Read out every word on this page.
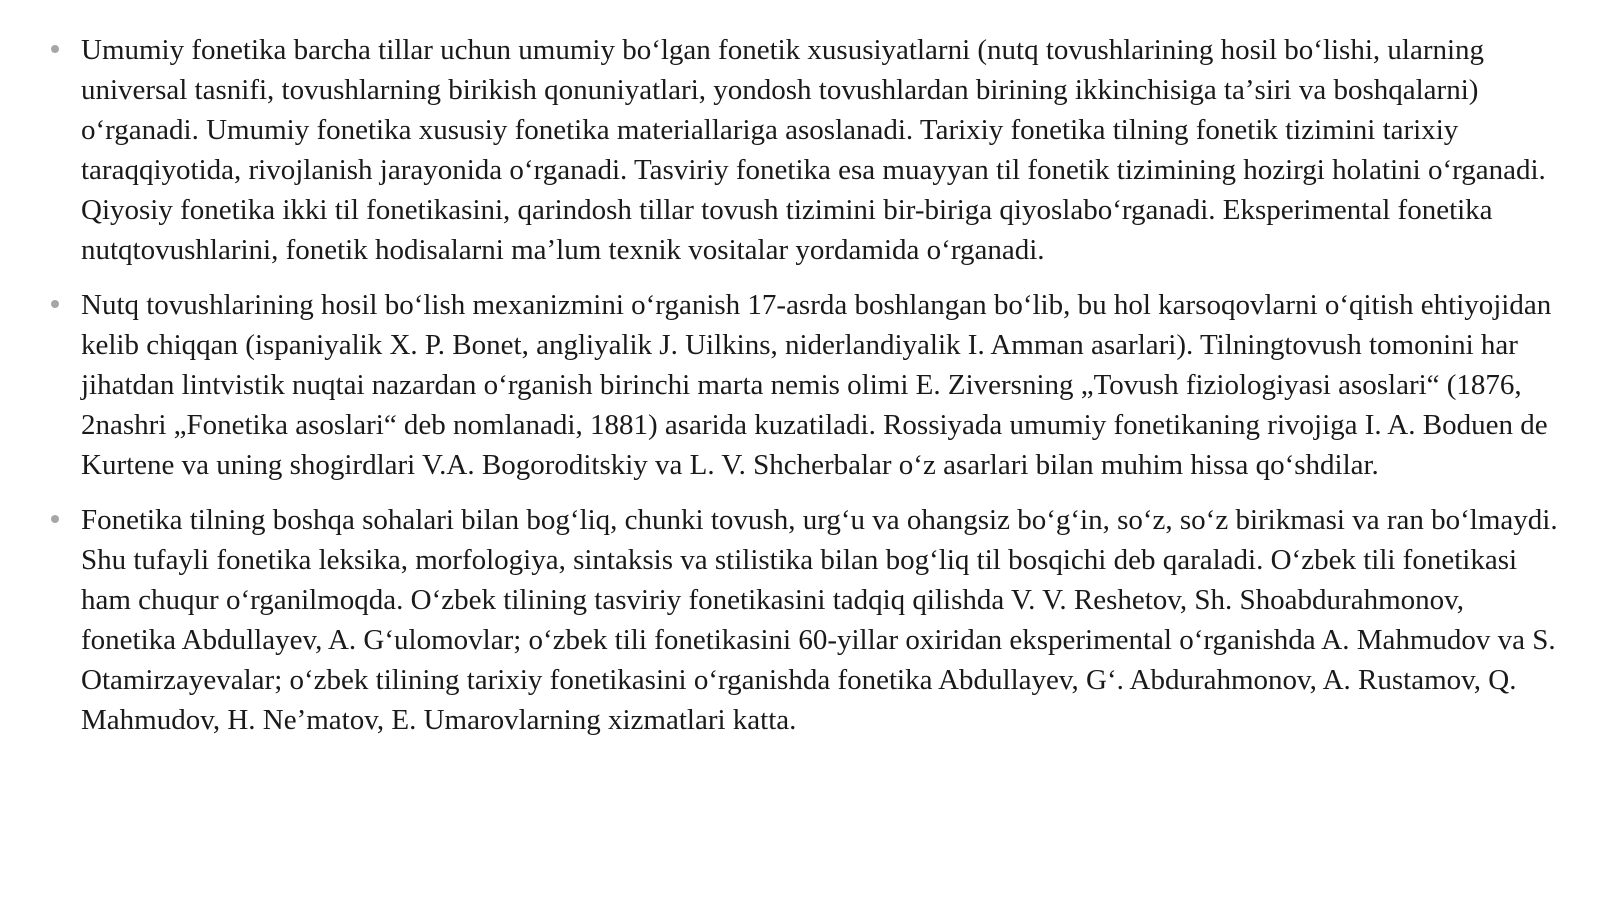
Umumiy fonetika barcha tillar uchun umumiy boʻlgan fonetik xususiyatlarni (nutq tovushlarining hosil boʻlishi, ularning universal tasnifi, tovushlarning birikish qonuniyatlari, yondosh tovushlardan birining ikkinchisiga taʼsiri va boshqalarni) oʻrganadi. Umumiy fonetika xususiy fonetika materiallariga asoslanadi. Tarixiy fonetika tilning fonetik tizimini tarixiy taraqqiyotida, rivojlanish jarayonida oʻrganadi. Tasviriy fonetika esa muayyan til fonetik tizimining hozirgi holatini oʻrganadi. Qiyosiy fonetika ikki til fonetikasini, qarindosh tillar tovush tizimini bir-biriga qiyoslaboʻrganadi. Eksperimental fonetika nutqtovushlarini, fonetik hodisalarni maʼlum texnik vositalar yordamida oʻrganadi.
Nutq tovushlarining hosil boʻlish mexanizmini oʻrganish 17-asrda boshlangan boʻlib, bu hol karsoqovlarni oʻqitish ehtiyojidan kelib chiqqan (ispaniyalik X. P. Bonet, angliyalik J. Uilkins, niderlandiyalik I. Amman asarlari). Tilningtovush tomonini har jihatdan lintvistik nuqtai nazardan oʻrganish birinchi marta nemis olimi E. Ziversning „Tovush fiziologiyasi asoslari“ (1876, 2nashri „Fonetika asoslari“ deb nomlanadi, 1881) asarida kuzatiladi. Rossiyada umumiy fonetikaning rivojiga I. A. Boduen de Kurtene va uning shogirdlari V.A. Bogoroditskiy va L. V. Shcherbalar oʻz asarlari bilan muhim hissa qoʻshdilar.
Fonetika tilning boshqa sohalari bilan bogʻliq, chunki tovush, urgʻu va ohangsiz boʻgʻin, soʻz, soʻz birikmasi va ran boʻlmaydi. Shu tufayli fonetika leksika, morfologiya, sintaksis va stilistika bilan bogʻliq til bosqichi deb qaraladi. Oʻzbek tili fonetikasi ham chuqur oʻrganilmoqda. Oʻzbek tilining tasviriy fonetikasini tadqiq qilishda V. V. Reshetov, Sh. Shoabdurahmonov, fonetika Abdullayev, A. Gʻulomovlar; oʻzbek tili fonetikasini 60-yillar oxiridan eksperimental oʻrganishda A. Mahmudov va S. Otamirzayevalar; oʻzbek tilining tarixiy fonetikasini oʻrganishda fonetika Abdullayev, Gʻ. Abdurahmonov, A. Rustamov, Q. Mahmudov, H. Neʼmatov, E. Umarovlarning xizmatlari katta.
